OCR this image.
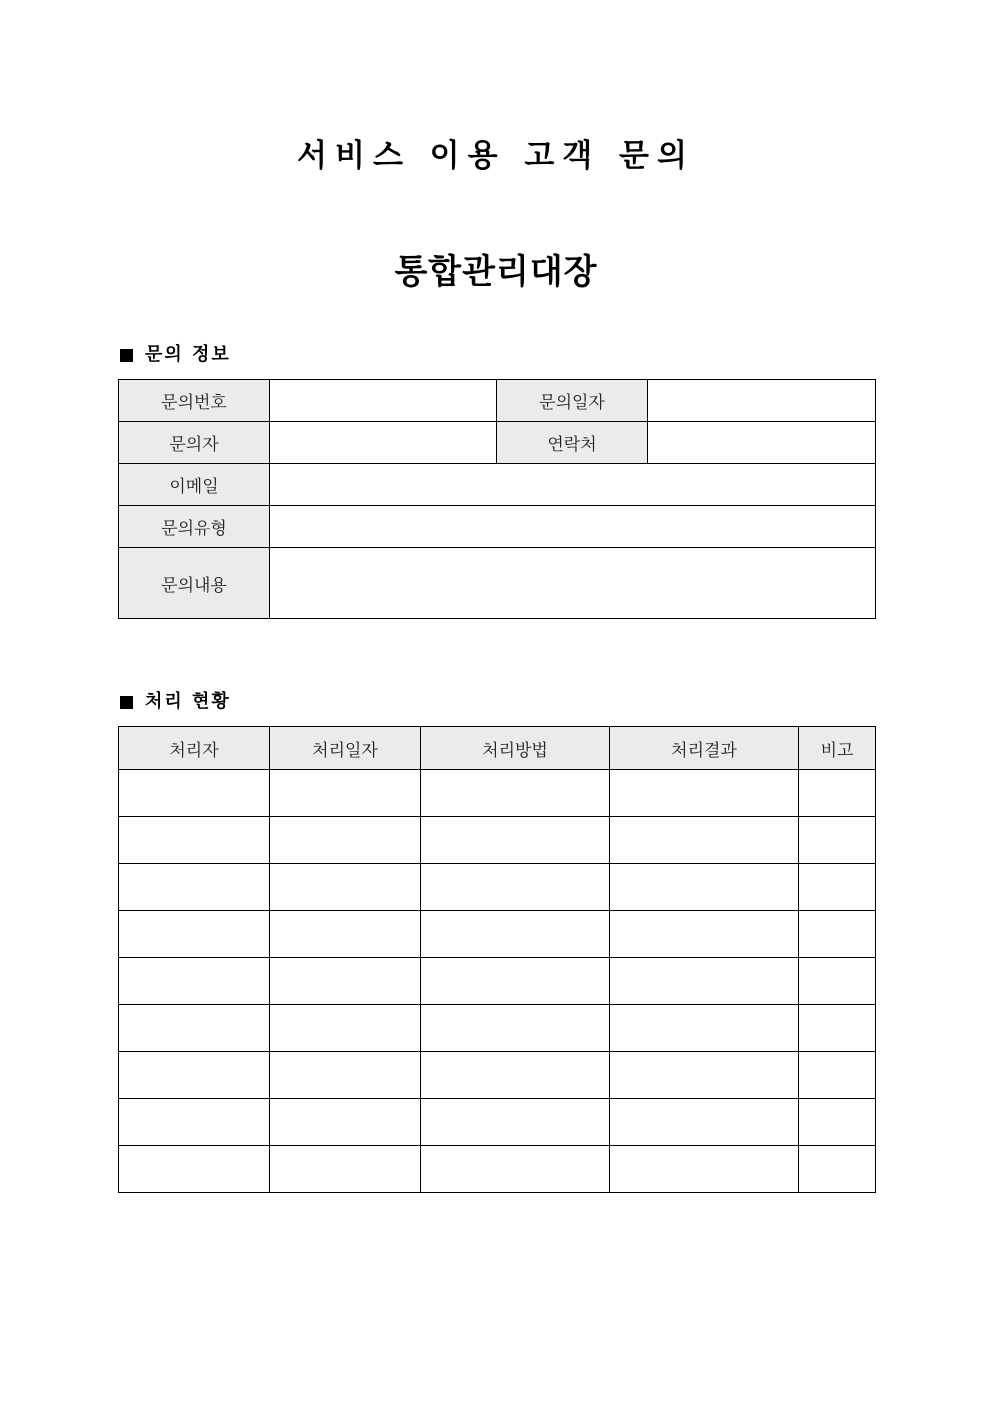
서비스 이용 고객 문의
통합관리대장
문의 정보
문의번호		문의일자	
문의자		연락처	
이메일			
문의유형			
문의내용			
처리 현황
처리자	처리일자	처리방법	처리결과	비고
